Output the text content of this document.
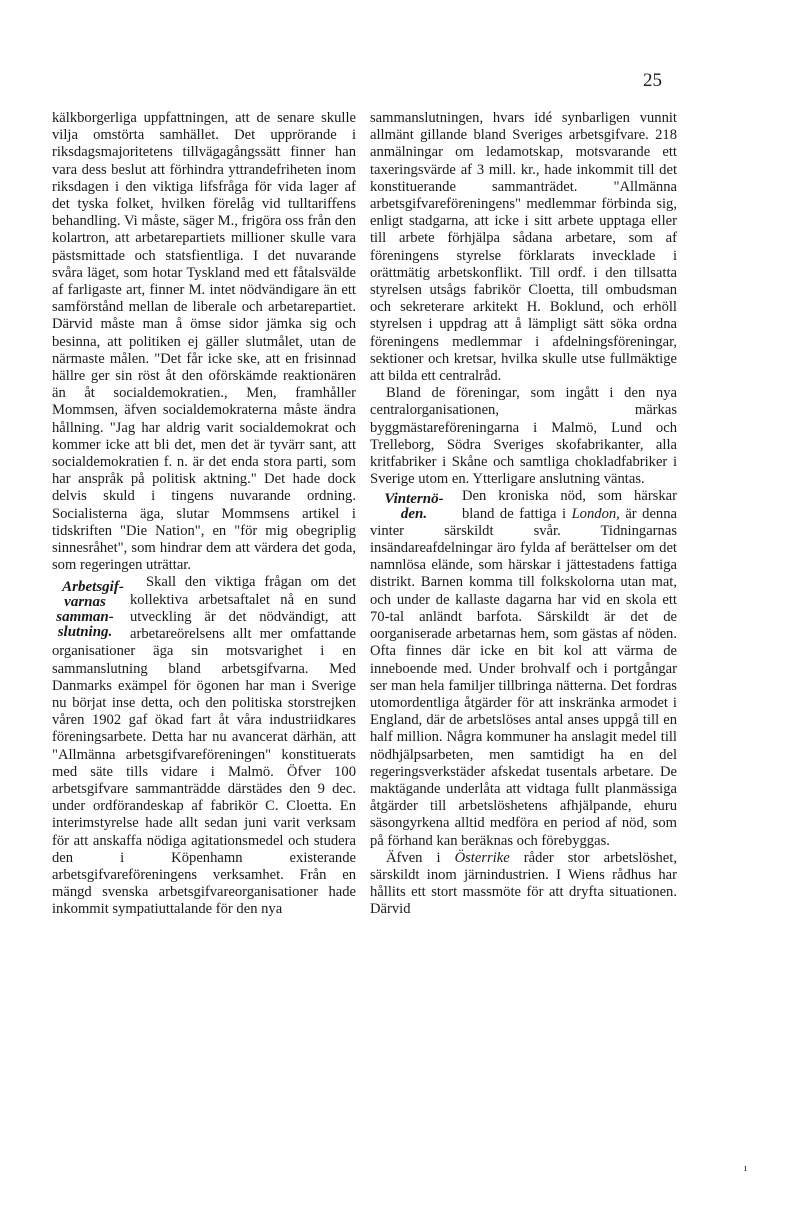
25

kälkborgerliga uppfattningen, att de senare skulle vilja omstörta samhället. Det upprörande i riksdagsmajoritetens tillvägagångssätt finner han vara dess beslut att förhindra yttrandefriheten inom riksdagen i den viktiga lifsfråga för vida lager af det tyska folket, hvilken förelåg vid tulltariffens behandling. Vi måste, säger M., frigöra oss från den kolartron, att arbetarepartiets millioner skulle vara pästsmittade och statsfientliga. I det nuvarande svåra läget, som hotar Tyskland med ett fåtalsvälde af farligaste art, finner M. intet nödvändigare än ett samförstånd mellan de liberale och arbetarepartiet. Därvid måste man å ömse sidor jämka sig och besinna, att politiken ej gäller slutmålet, utan de närmaste målen. "Det får icke ske, att en frisinnad hällre ger sin röst åt den oförskämde reaktionären än åt socialdemokratien., Men, framhåller Mommsen, äfven socialdemokraterna måste ändra hållning. "Jag har aldrig varit socialdemokrat och kommer icke att bli det, men det är tyvärr sant, att socialdemokratien f. n. är det enda stora parti, som har anspråk på politisk aktning." Det hade dock delvis skuld i tingens nuvarande ordning. Socialisterna äga, slutar Mommsens artikel i tidskriften "Die Nation", en "för mig obegriplig sinnesråhet", som hindrar dem att värdera det goda, som regeringen uträttar.

Arbetsgif-
varnas
samman-
slutning.
Skall den viktiga frågan om det kollektiva arbetsaftalet nå en sund utveckling är det nödvändigt, att arbetareörelsens allt mer omfattande organisationer äga sin motsvarighet i en sammanslutning bland arbetsgifvarna. Med Danmarks exämpel för ögonen har man i Sverige nu börjat inse detta, och den politiska storstrejken våren 1902 gaf ökad fart åt våra industriidkares föreningsarbete. Detta har nu avancerat därhän, att "Allmänna arbetsgifvareföreningen" konstituerats med säte tills vidare i Malmö. Öfver 100 arbetsgifvare sammanträdde därstädes den 9 dec. under ordförandeskap af fabrikör C. Cloetta. En interimstyrelse hade allt sedan juni varit verksam för att anskaffa nödiga agitationsmedel och studera den i Köpenhamn existerande arbetsgifvareföreningens verksamhet. Från en mängd svenska arbetsgifvareorganisationer hade inkommit sympatiuttalande för den nya

sammanslutningen, hvars idé synbarligen vunnit allmänt gillande bland Sveriges arbetsgifvare. 218 anmälningar om ledamotskap, motsvarande ett taxeringsvärde af 3 mill. kr., hade inkommit till det konstituerande sammanträdet. "Allmänna arbetsgifvareföreningens" medlemmar förbinda sig, enligt stadgarna, att icke i sitt arbete upptaga eller till arbete förhjälpa sådana arbetare, som af föreningens styrelse förklarats invecklade i orättmätig arbetskonflikt. Till ordf. i den tillsatta styrelsen utsågs fabrikör Cloetta, till ombudsman och sekreterare arkitekt H. Boklund, och erhöll styrelsen i uppdrag att å lämpligt sätt söka ordna föreningens medlemmar i afdelningsföreningar, sektioner och kretsar, hvilka skulle utse fullmäktige att bilda ett centralråd.

Bland de föreningar, som ingått i den nya centralorganisationen, märkas byggmästareföreningarna i Malmö, Lund och Trelleborg, Södra Sveriges skofabrikanter, alla kritfabriker i Skåne och samtliga chokladfabriker i Sverige utom en. Ytterligare anslutning väntas.

Vinternö-
den.
Den kroniska nöd, som härskar bland de fattiga i London, är denna vinter särskildt svår. Tidningarnas insändareafdelningar äro fylda af berättelser om det namnlösa elände, som härskar i jättestadens fattiga distrikt. Barnen komma till folkskolorna utan mat, och under de kallaste dagarna har vid en skola ett 70-tal anländt barfota. Särskildt är det de oorganiserade arbetarnas hem, som gästas af nöden. Ofta finnes där icke en bit kol att värma de inneboende med. Under brohvalf och i portgångar ser man hela familjer tillbringa nätterna. Det fordras utomordentliga åtgärder för att inskränka armodet i England, där de arbetslöses antal anses uppgå till en half million. Några kommuner ha anslagit medel till nödhjälpsarbeten, men samtidigt ha en del regeringsverkstäder afskedat tusentals arbetare. De maktägande underlåta att vidtaga fullt planmässiga åtgärder till arbetslöshetens afhjälpande, ehuru säsongyrkena alltid medföra en period af nöd, som på förhand kan beräknas och förebyggas.

Äfven i Österrike råder stor arbetslöshet, särskildt inom järnindustrien. I Wiens rådhus har hållits ett stort massmöte för att dryfta situationen. Därvid

ı
